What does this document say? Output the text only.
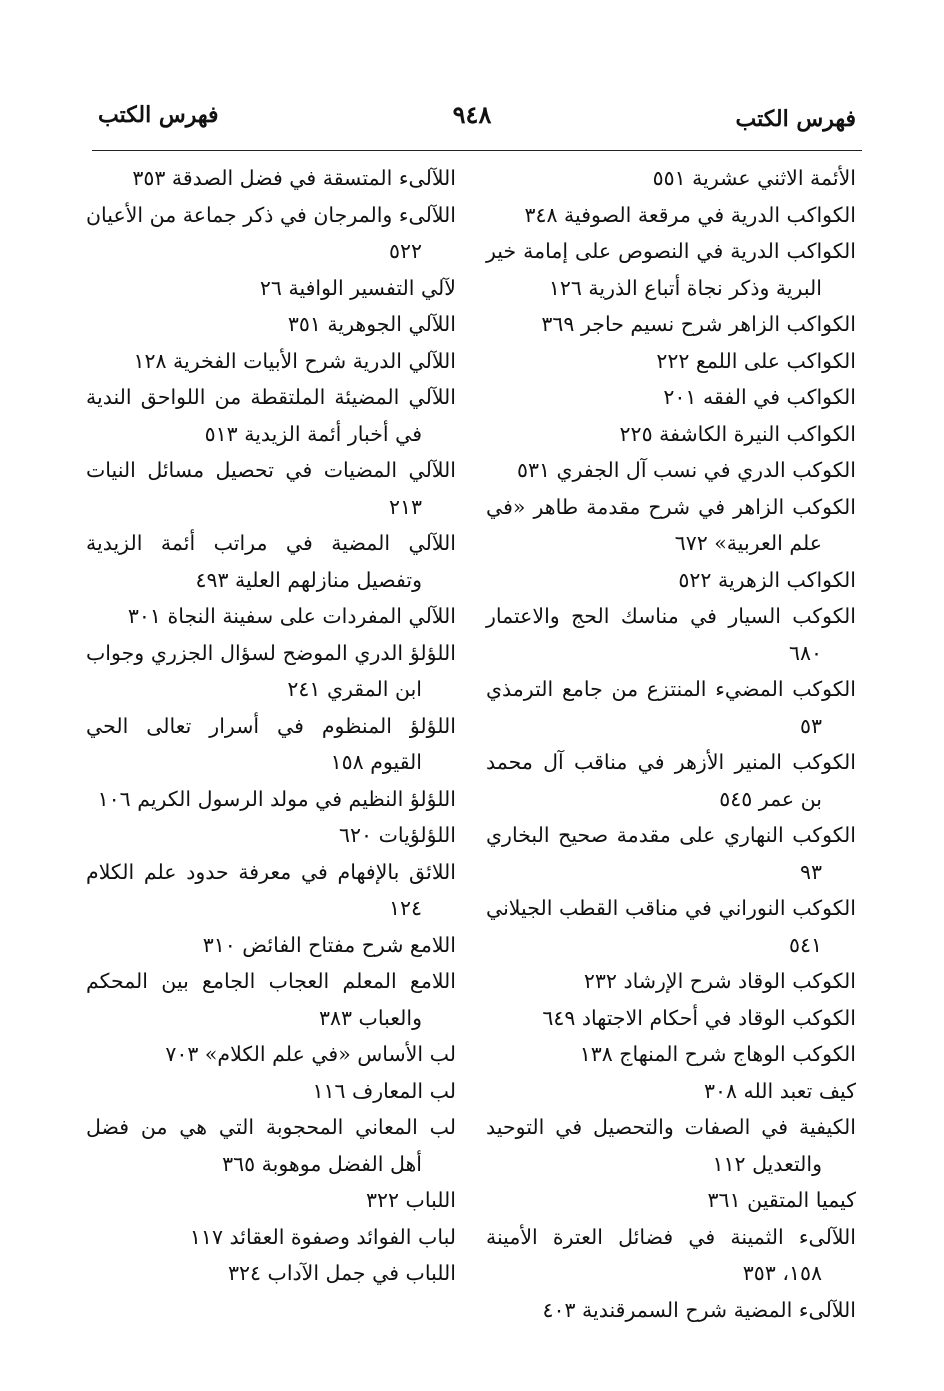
فهرس الكتب
٩٤٨
فهرس الكتب
الأئمة الاثني عشرية ٥٥١
الكواكب الدرية في مرقعة الصوفية ٣٤٨
الكواكب الدرية في النصوص على إمامة خير البرية وذكر نجاة أتباع الذرية ١٢٦
الكواكب الزاهر شرح نسيم حاجر ٣٦٩
الكواكب على اللمع ٢٢٢
الكواكب في الفقه ٢٠١
الكواكب النيرة الكاشفة ٢٢٥
الكوكب الدري في نسب آل الجفري ٥٣١
الكوكب الزاهر في شرح مقدمة طاهر «في علم العربية» ٦٧٢
الكواكب الزهرية ٥٢٢
الكوكب السيار في مناسك الحج والاعتمار ٦٨٠
الكوكب المضيء المنتزع من جامع الترمذي ٥٣
الكوكب المنير الأزهر في مناقب آل محمد بن عمر ٥٤٥
الكوكب النهاري على مقدمة صحيح البخاري ٩٣
الكوكب النوراني في مناقب القطب الجيلاني ٥٤١
الكوكب الوقاد شرح الإرشاد ٢٣٢
الكوكب الوقاد في أحكام الاجتهاد ٦٤٩
الكوكب الوهاج شرح المنهاج ١٣٨
كيف تعبد الله ٣٠٨
الكيفية في الصفات والتحصيل في التوحيد والتعديل ١١٢
كيميا المتقين ٣٦١
اللآلىء الثمينة في فضائل العترة الأمينة ١٥٨، ٣٥٣
اللآلىء المضية شرح السمرقندية ٤٠٣
اللآلىء المتسقة في فضل الصدقة ٣٥٣
اللآلىء والمرجان في ذكر جماعة من الأعيان ٥٢٢
لآلي التفسير الوافية ٢٦
اللآلي الجوهرية ٣٥١
اللآلي الدرية شرح الأبيات الفخرية ١٢٨
اللآلي المضيئة الملتقطة من اللواحق الندية في أخبار أئمة الزيدية ٥١٣
اللآلي المضيات في تحصيل مسائل النيات ٢١٣
اللآلي المضية في مراتب أئمة الزيدية وتفصيل منازلهم العلية ٤٩٣
اللآلي المفردات على سفينة النجاة ٣٠١
اللؤلؤ الدري الموضح لسؤال الجزري وجواب ابن المقري ٢٤١
اللؤلؤ المنظوم في أسرار تعالى الحي القيوم ١٥٨
اللؤلؤ النظيم في مولد الرسول الكريم ١٠٦
اللؤلؤيات ٦٢٠
اللائق بالإفهام في معرفة حدود علم الكلام ١٢٤
اللامع شرح مفتاح الفائض ٣١٠
اللامع المعلم العجاب الجامع بين المحكم والعباب ٣٨٣
لب الأساس «في علم الكلام» ٧٠٣
لب المعارف ١١٦
لب المعاني المحجوبة التي هي من فضل أهل الفضل موهوبة ٣٦٥
اللباب ٣٢٢
لباب الفوائد وصفوة العقائد ١١٧
اللباب في جمل الآداب ٣٢٤
